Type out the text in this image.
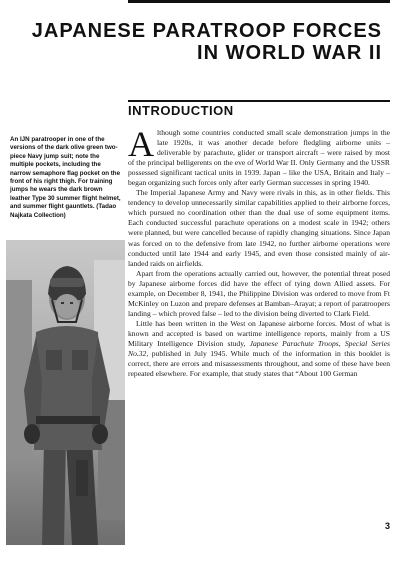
JAPANESE PARATROOP FORCES
IN WORLD WAR II
INTRODUCTION

An IJN paratrooper in one of the versions of the dark olive green two-piece Navy jump suit; note the multiple pockets, including the narrow semaphore flag pocket on the front of his right thigh. For training jumps he wears the dark brown leather Type 30 summer flight helmet, and summer flight gauntlets. (Tadao Najkata Collection)

Although some countries conducted small scale demonstration jumps in the late 1920s, it was another decade before fledgling airborne units – deliverable by parachute, glider or transport aircraft – were raised by most of the principal belligerents on the eve of World War II. Only Germany and the USSR possessed significant tactical units in 1939. Japan – like the USA, Britain and Italy – began organizing such forces only after early German successes in spring 1940.

The Imperial Japanese Army and Navy were rivals in this, as in other fields. This tendency to develop unnecessarily similar capabilities applied to their airborne forces, which pursued no coordination other than the dual use of some equipment items. Each conducted successful parachute operations on a modest scale in 1942; others were planned, but were cancelled because of rapidly changing situations. Since Japan was forced on to the defensive from late 1942, no further airborne operations were conducted until late 1944 and early 1945, and even those consisted mainly of air-landed raids on airfields.

Apart from the operations actually carried out, however, the potential threat posed by Japanese airborne forces did have the effect of tying down Allied assets. For example, on December 8, 1941, the Philippine Division was ordered to move from Ft McKinley on Luzon and prepare defenses at Bamban–Arayat; a report of paratroopers landing – which proved false – led to the division being diverted to Clark Field.

Little has been written in the West on Japanese airborne forces. Most of what is known and accepted is based on wartime intelligence reports, mainly from a US Military Intelligence Division study, Japanese Parachute Troops, Special Series No.32, published in July 1945. While much of the information in this booklet is correct, there are errors and misassessments throughout, and some of these have been repeated elsewhere. For example, that study states that “About 100 German

3
